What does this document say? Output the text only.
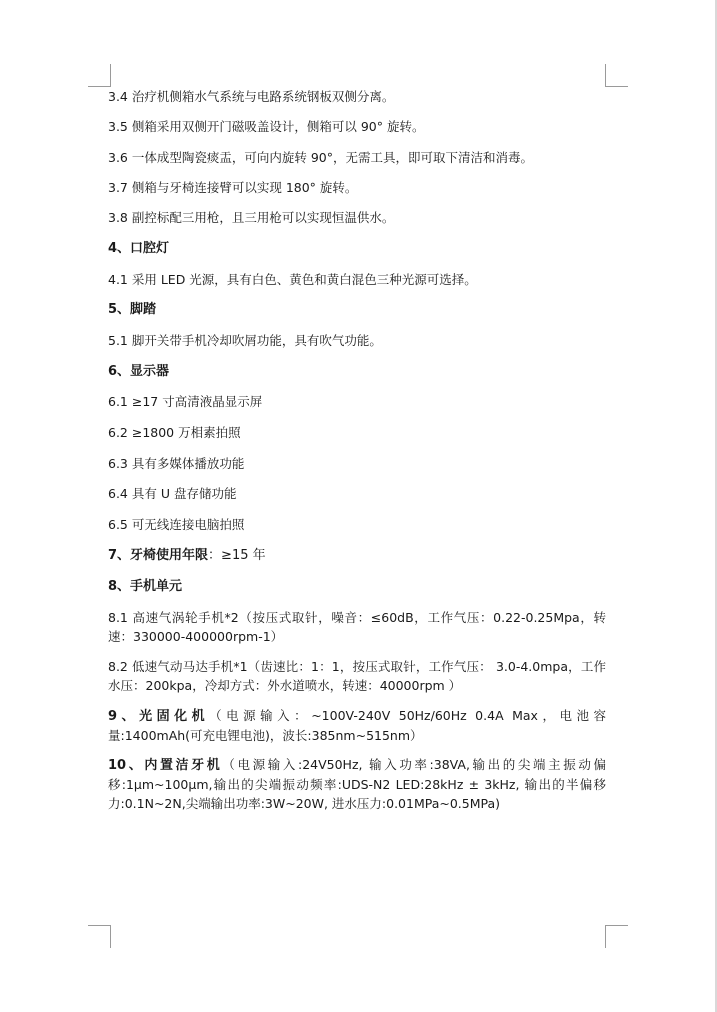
3.4 治疗机侧箱水气系统与电路系统钢板双侧分离。
3.5 侧箱采用双侧开门磁吸盖设计，侧箱可以 90° 旋转。
3.6 一体成型陶瓷痰盂，可向内旋转 90°，无需工具，即可取下清洁和消毒。
3.7 侧箱与牙椅连接臂可以实现 180° 旋转。
3.8 副控标配三用枪，且三用枪可以实现恒温供水。
4、口腔灯
4.1 采用 LED 光源，具有白色、黄色和黄白混色三种光源可选择。
5、脚踏
5.1 脚开关带手机冷却吹屑功能，具有吹气功能。
6、显示器
6.1 ≥17 寸高清液晶显示屏
6.2 ≥1800 万相素拍照
6.3 具有多媒体播放功能
6.4 具有 U 盘存储功能
6.5 可无线连接电脑拍照
7、牙椅使用年限：≥15 年
8、手机单元
8.1 高速气涡轮手机*2（按压式取针，噪音：≤60dB，工作气压：0.22-0.25Mpa，转速：330000-400000rpm-1）
8.2 低速气动马达手机*1（齿速比：1：1，按压式取针，工作气压： 3.0-4.0mpa，工作水压：200kpa，冷却方式：外水道喷水，转速：40000rpm ）
9、光固化机（电源输入：~100V-240V 50Hz/60Hz 0.4A Max，电池容量:1400mAh(可充电锂电池)，波长:385nm~515nm）
10、内置洁牙机（电源输入:24V50Hz, 输入功率:38VA,输出的尖端主振动偏移:1μm~100μm,输出的尖端振动频率:UDS-N2 LED:28kHz ± 3kHz, 输出的半偏移力:0.1N~2N,尖端输出功率:3W~20W, 进水压力:0.01MPa~0.5MPa)
